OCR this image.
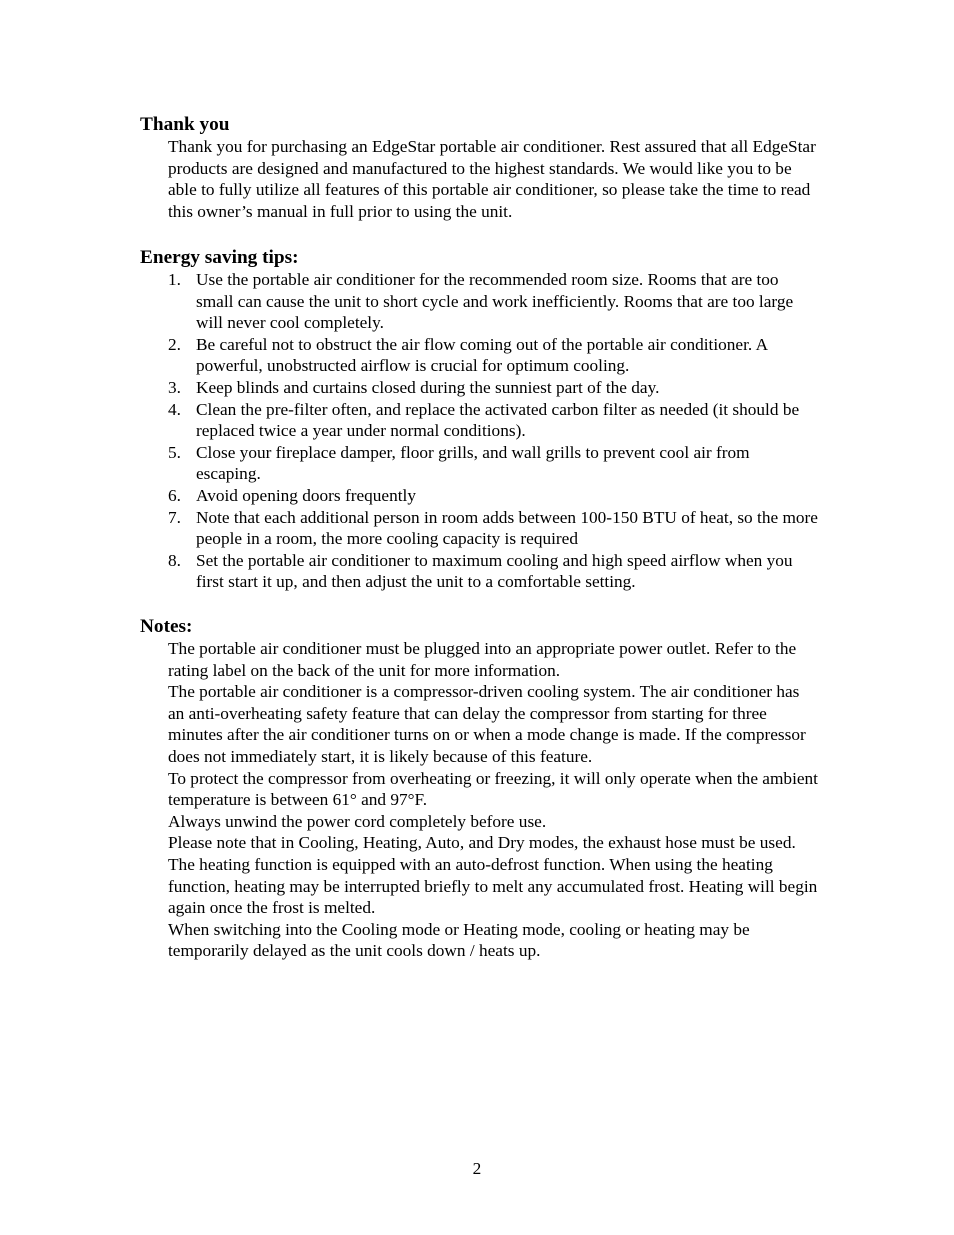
Thank you

Thank you for purchasing an EdgeStar portable air conditioner. Rest assured that all EdgeStar products are designed and manufactured to the highest standards. We would like you to be able to fully utilize all features of this portable air conditioner, so please take the time to read this owner’s manual in full prior to using the unit.

Energy saving tips:

1. Use the portable air conditioner for the recommended room size. Rooms that are too small can cause the unit to short cycle and work inefficiently. Rooms that are too large will never cool completely.
2. Be careful not to obstruct the air flow coming out of the portable air conditioner. A powerful, unobstructed airflow is crucial for optimum cooling.
3. Keep blinds and curtains closed during the sunniest part of the day.
4. Clean the pre-filter often, and replace the activated carbon filter as needed (it should be replaced twice a year under normal conditions).
5. Close your fireplace damper, floor grills, and wall grills to prevent cool air from escaping.
6. Avoid opening doors frequently
7. Note that each additional person in room adds between 100-150 BTU of heat, so the more people in a room, the more cooling capacity is required
8. Set the portable air conditioner to maximum cooling and high speed airflow when you first start it up, and then adjust the unit to a comfortable setting.

Notes:

The portable air conditioner must be plugged into an appropriate power outlet. Refer to the rating label on the back of the unit for more information.

The portable air conditioner is a compressor-driven cooling system. The air conditioner has an anti-overheating safety feature that can delay the compressor from starting for three minutes after the air conditioner turns on or when a mode change is made. If the compressor does not immediately start, it is likely because of this feature.

To protect the compressor from overheating or freezing, it will only operate when the ambient temperature is between 61° and 97°F.

Always unwind the power cord completely before use.

Please note that in Cooling, Heating, Auto, and Dry modes, the exhaust hose must be used.

The heating function is equipped with an auto-defrost function. When using the heating function, heating may be interrupted briefly to melt any accumulated frost. Heating will begin again once the frost is melted.

When switching into the Cooling mode or Heating mode, cooling or heating may be temporarily delayed as the unit cools down / heats up.

2
